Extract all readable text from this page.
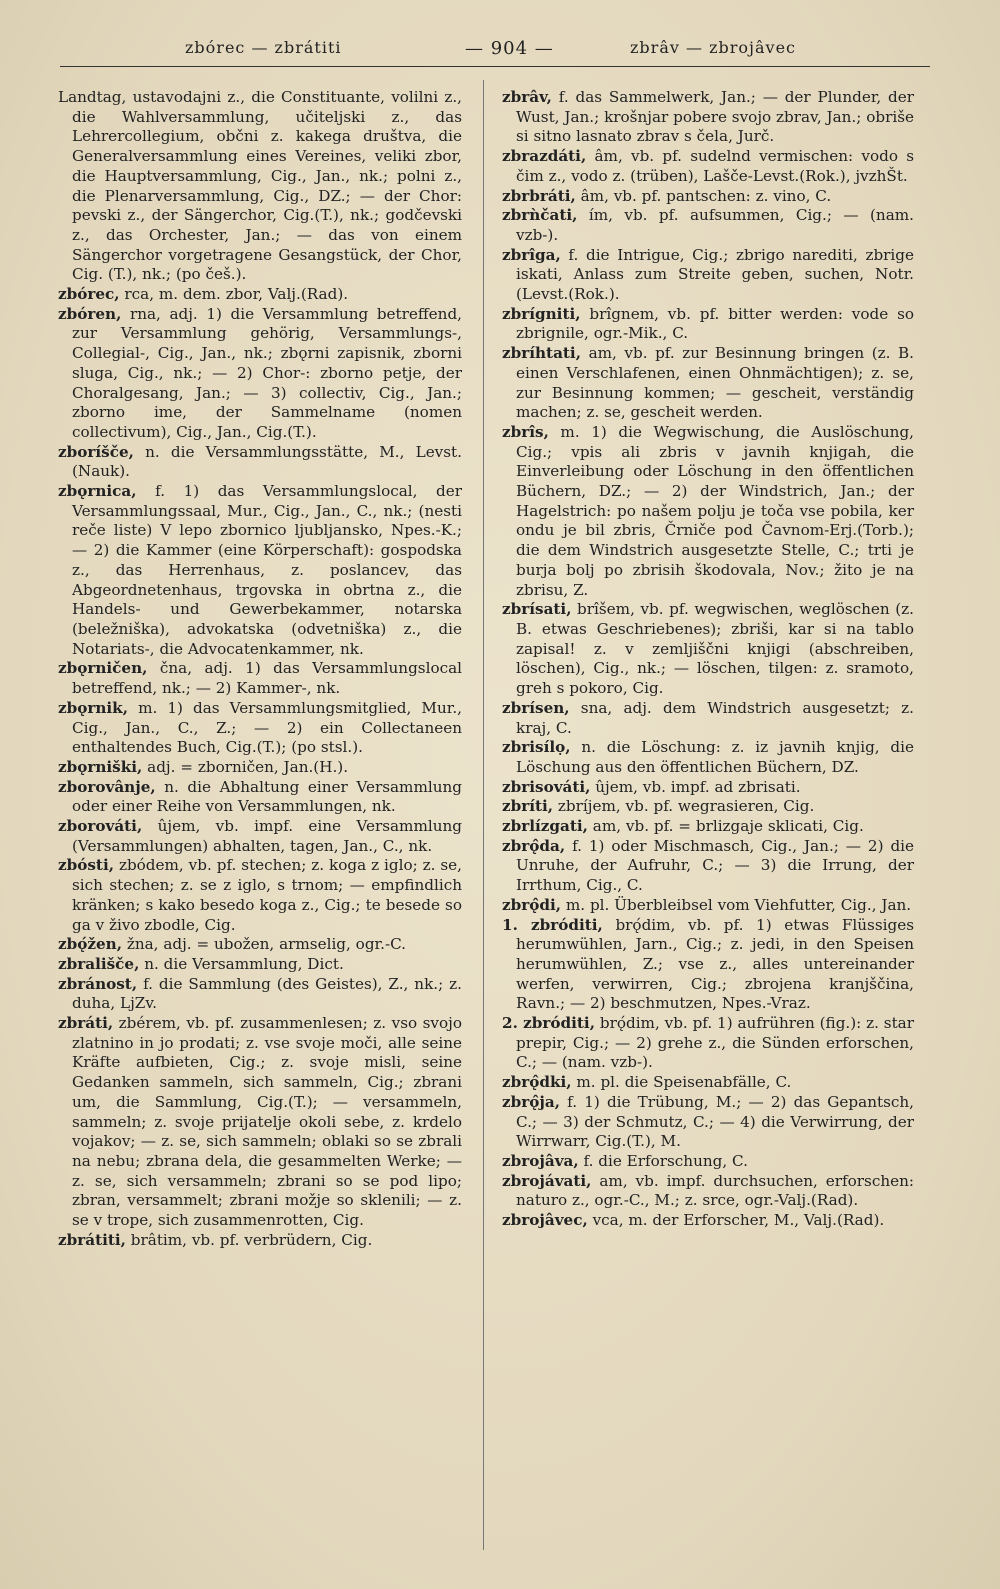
zbórec — zbrátiti	— 904 —	zbrâv — zbrojâvec
Landtag, ustavodajni z., die Constituante, volilni z., die Wahlversammlung, učiteljski z., das Lehrercollegium, občni z. kakega društva, die Generalversammlung eines Vereines, veliki zbor, die Hauptversammlung, Cig., Jan., nk.; polni z., die Plenarversammlung, Cig., DZ.; — der Chor: pevski z., der Sängerchor, Cig.(T.), nk.; godčevski z., das Orchester, Jan.; — das von einem Sängerchor vorgetragene Gesangstück, der Chor, Cig. (T.), nk.; (po češ.).
zbórec, rca, m. dem. zbor, Valj.(Rad).
zbóren, rna, adj. 1) die Versammlung betreffend, zur Versammlung gehörig, Versammlungs-, Collegial-, Cig., Jan., nk.; zbǫrni zapisnik, zborni sluga, Cig., nk.; — 2) Chor-: zborno petje, der Choralgesang, Jan.; — 3) collectiv, Cig., Jan.; zborno ime, der Sammelname (nomen collectivum), Cig., Jan., Cig.(T.).
zboríšče, n. die Versammlungsstätte, M., Levst. (Nauk).
zbǫrnica, f. 1) das Versammlungslocal, der Versammlungssaal, Mur., Cig., Jan., C., nk.; (nesti reče liste) V lepo zbornico ljubljansko, Npes.-K.; — 2) die Kammer (eine Körperschaft): gospodska z., das Herrenhaus, z. poslancev, das Abgeordnetenhaus, trgovska in obrtna z., die Handels- und Gewerbekammer, notarska (beležniška), advokatska (odvetniška) z., die Notariats-, die Advocatenkammer, nk.
zbǫrničen, čna, adj. 1) das Versammlungslocal betreffend, nk.; — 2) Kammer-, nk.
zbǫrnik, m. 1) das Versammlungsmitglied, Mur., Cig., Jan., C., Z.; — 2) ein Collectaneen enthaltendes Buch, Cig.(T.); (po stsl.).
zbǫrniški, adj. = zborničen, Jan.(H.).
zborovânje, n. die Abhaltung einer Versammlung oder einer Reihe von Versammlungen, nk.
zborováti, ûjem, vb. impf. eine Versammlung (Versammlungen) abhalten, tagen, Jan., C., nk.
zbósti, zbódem, vb. pf. stechen; z. koga z iglo; z. se, sich stechen; z. se z iglo, s trnom; — empfindlich kränken; s kako besedo koga z., Cig.; te besede so ga v živo zbodle, Cig.
zbǫ́žen, žna, adj. = ubožen, armselig, ogr.-C.
zbrališče, n. die Versammlung, Dict.
zbránost, f. die Sammlung (des Geistes), Z., nk.; z. duha, LjZv.
zbráti, zbérem, vb. pf. zusammenlesen; z. vso svojo zlatnino in jo prodati; z. vse svoje moči, alle seine Kräfte aufbieten, Cig.; z. svoje misli, seine Gedanken sammeln, sich sammeln, Cig.; zbrani um, die Sammlung, Cig.(T.); — versammeln, sammeln; z. svoje prijatelje okoli sebe, z. krdelo vojakov; — z. se, sich sammeln; oblaki so se zbrali na nebu; zbrana dela, die gesammelten Werke; — z. se, sich versammeln; zbrani so se pod lipo; zbran, versammelt; zbrani možje so sklenili; — z. se v trope, sich zusammenrotten, Cig.
zbrátiti, brâtim, vb. pf. verbrüdern, Cig.
zbrâv, f. das Sammelwerk, Jan.; — der Plunder, der Wust, Jan.; krošnjar pobere svojo zbrav, Jan.; obriše si sitno lasnato zbrav s čela, Jurč.
zbrazdáti, âm, vb. pf. sudelnd vermischen: vodo s čim z., vodo z. (trüben), Lašče-Levst.(Rok.), jvzhŠt.
zbrbráti, âm, vb. pf. pantschen: z. vino, C.
zbrǹčati, ím, vb. pf. aufsummen, Cig.; — (nam. vzb-).
zbrîga, f. die Intrigue, Cig.; zbrigo narediti, zbrige iskati, Anlass zum Streite geben, suchen, Notr.(Levst.(Rok.).
zbrígniti, brîgnem, vb. pf. bitter werden: vode so zbrignile, ogr.-Mik., C.
zbríhtati, am, vb. pf. zur Besinnung bringen (z. B. einen Verschlafenen, einen Ohnmächtigen); z. se, zur Besinnung kommen; — gescheit, verständig machen; z. se, gescheit werden.
zbrîs, m. 1) die Wegwischung, die Auslöschung, Cig.; vpis ali zbris v javnih knjigah, die Einverleibung oder Löschung in den öffentlichen Büchern, DZ.; — 2) der Windstrich, Jan.; der Hagelstrich: po našem polju je toča vse pobila, ker ondu je bil zbris, Črniče pod Čavnom-Erj.(Torb.); die dem Windstrich ausgesetzte Stelle, C.; trti je burja bolj po zbrisih škodovala, Nov.; žito je na zbrisu, Z.
zbrísati, brîšem, vb. pf. wegwischen, weglöschen (z. B. etwas Geschriebenes); zbriši, kar si na tablo zapisal! z. v zemljiščni knjigi (abschreiben, löschen), Cig., nk.; — löschen, tilgen: z. sramoto, greh s pokoro, Cig.
zbrísen, sna, adj. dem Windstrich ausgesetzt; z. kraj, C.
zbrisílọ, n. die Löschung: z. iz javnih knjig, die Löschung aus den öffentlichen Büchern, DZ.
zbrisováti, ûjem, vb. impf. ad zbrisati.
zbríti, zbríjem, vb. pf. wegrasieren, Cig.
zbrlízgati, am, vb. pf. = brlizgaje sklicati, Cig.
zbrǫ̂da, f. 1) oder Mischmasch, Cig., Jan.; — 2) die Unruhe, der Aufruhr, C.; — 3) die Irrung, der Irrthum, Cig., C.
zbrǫ̂di, m. pl. Überbleibsel vom Viehfutter, Cig., Jan.
1. zbróditi, brǫ́dim, vb. pf. 1) etwas Flüssiges herumwühlen, Jarn., Cig.; z. jedi, in den Speisen herumwühlen, Z.; vse z., alles untereinander werfen, verwirren, Cig.; zbrojena kranjščina, Ravn.; — 2) beschmutzen, Npes.-Vraz.
2. zbróditi, brǫ́dim, vb. pf. 1) aufrühren (fig.): z. star prepir, Cig.; — 2) grehe z., die Sünden erforschen, C.; — (nam. vzb-).
zbrǫ̂dki, m. pl. die Speisenabfälle, C.
zbrǫ̂ja, f. 1) die Trübung, M.; — 2) das Gepantsch, C.; — 3) der Schmutz, C.; — 4) die Verwirrung, der Wirrwarr, Cig.(T.), M.
zbrojâva, f. die Erforschung, C.
zbrojávati, am, vb. impf. durchsuchen, erforschen: naturo z., ogr.-C., M.; z. srce, ogr.-Valj.(Rad).
zbrojâvec, vca, m. der Erforscher, M., Valj.(Rad).
